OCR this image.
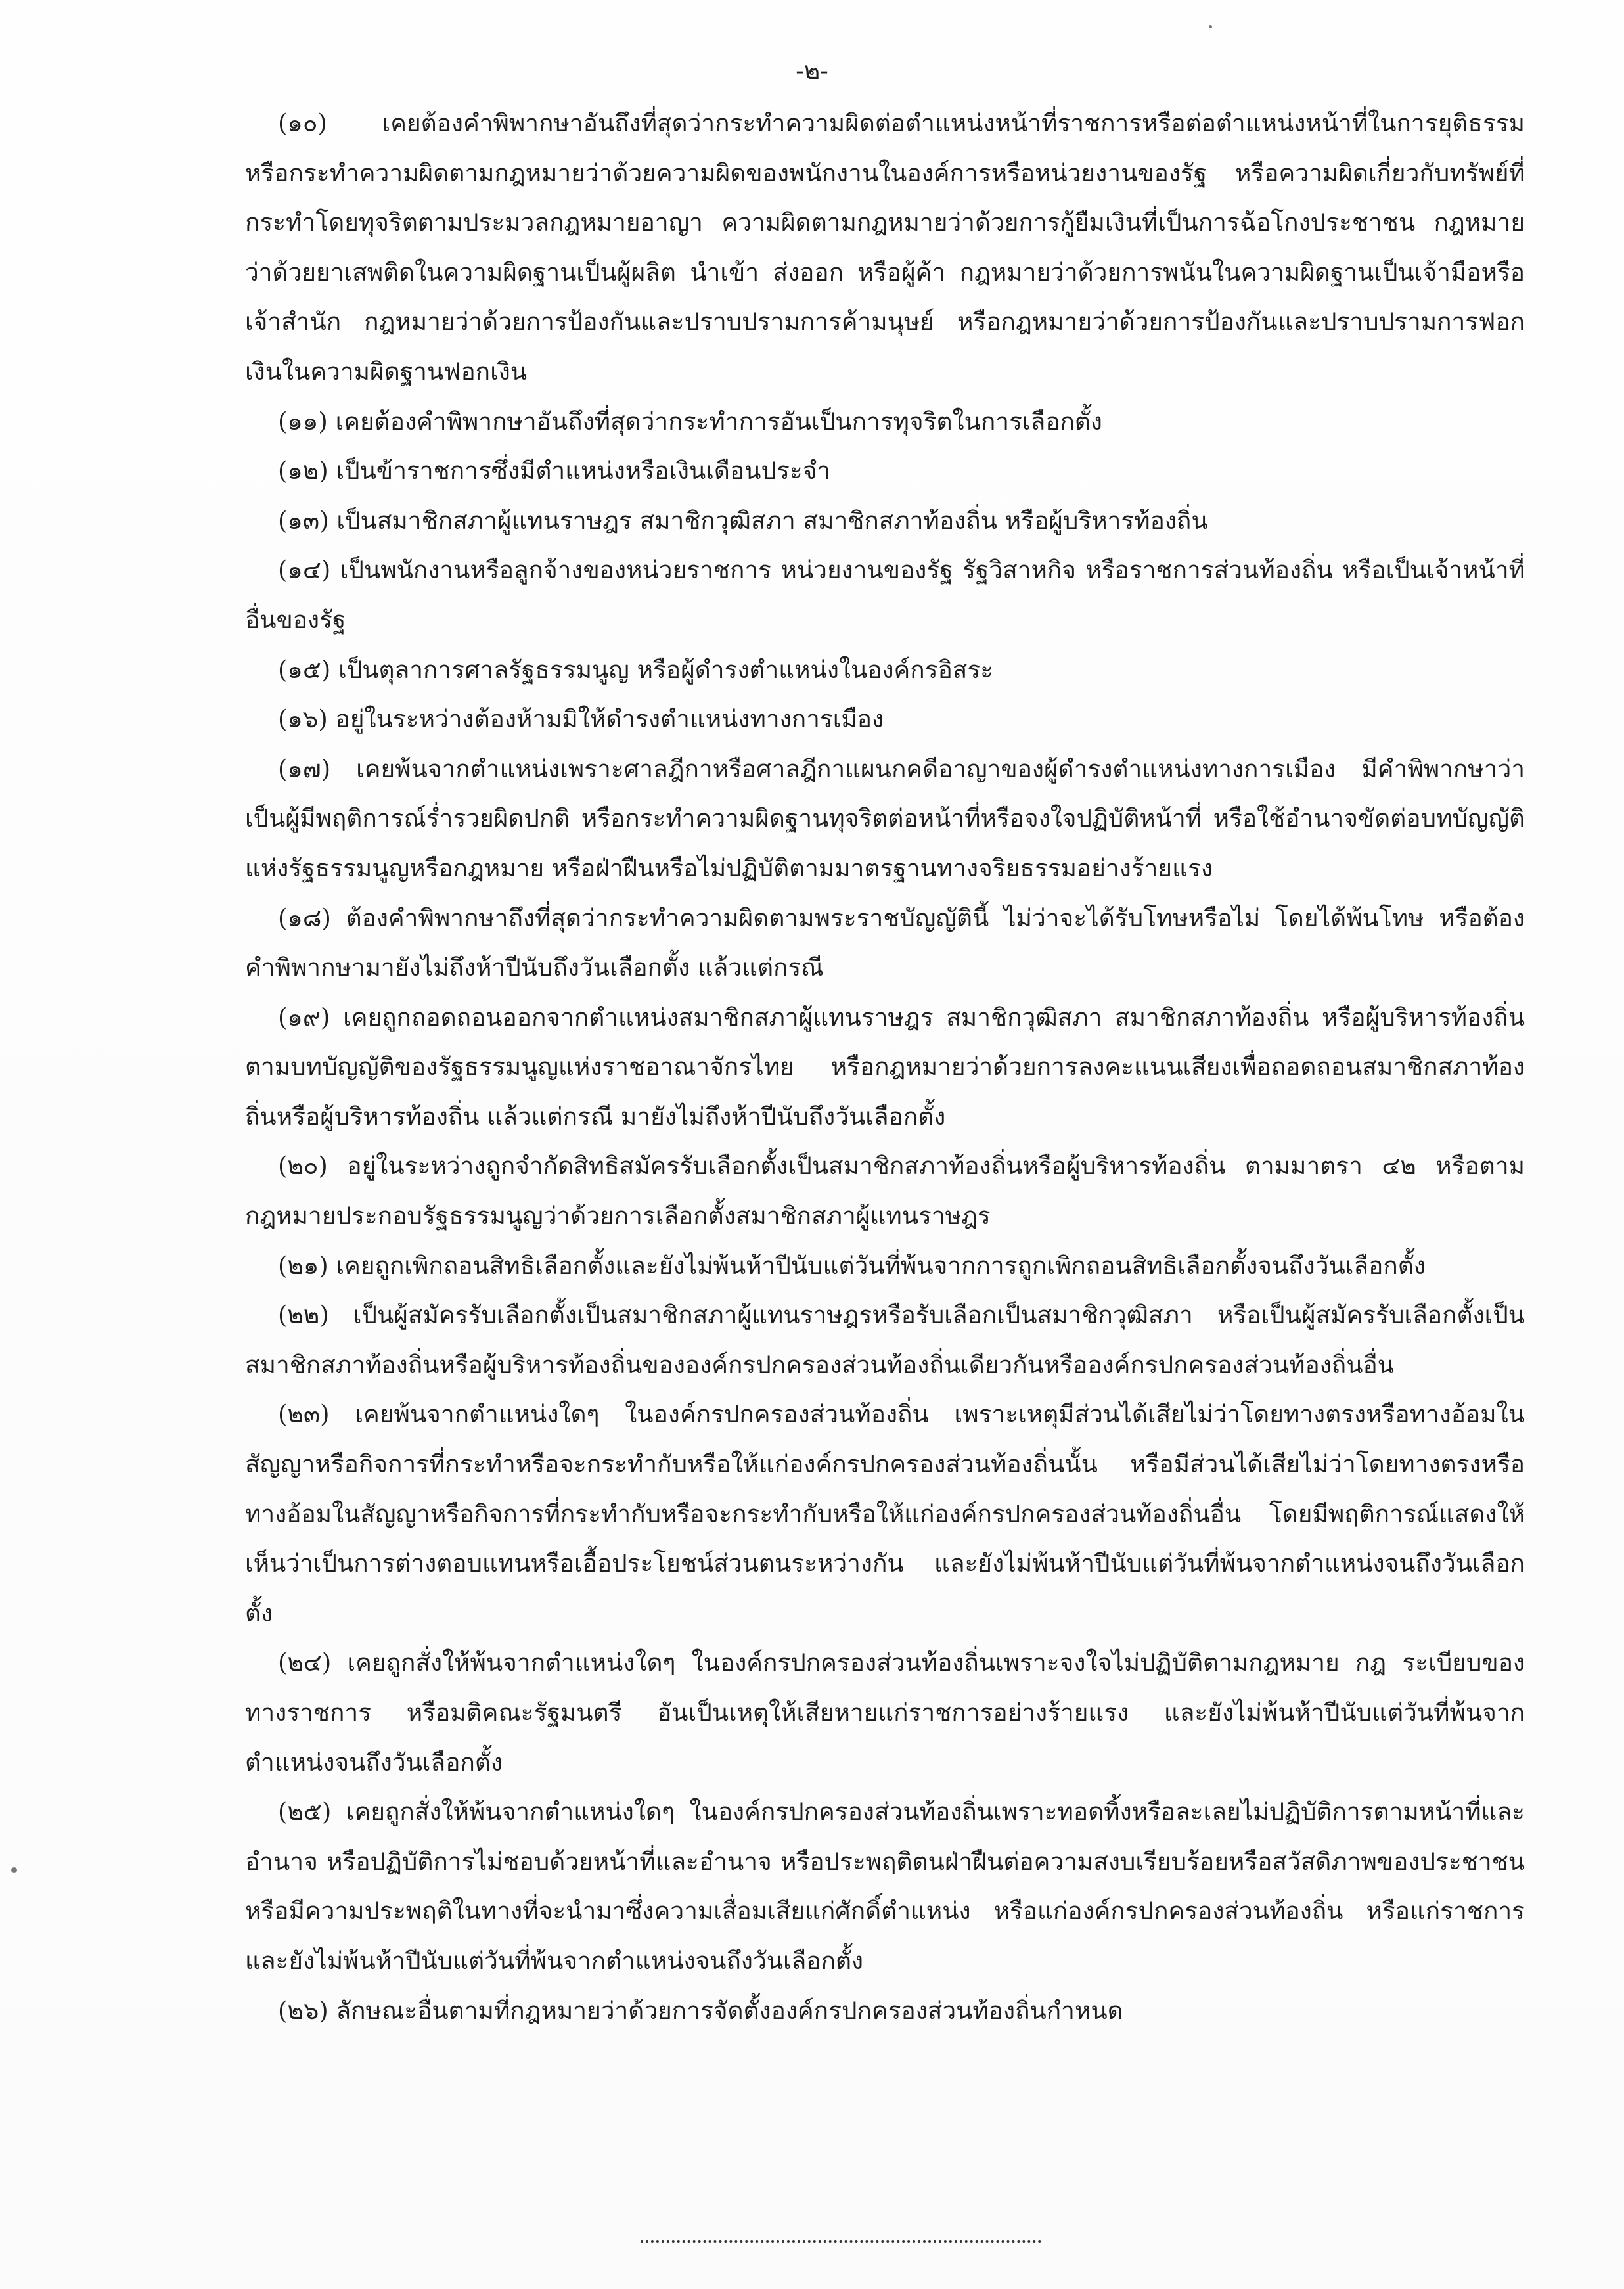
-๒-

(๑๐) เคยต้องคำพิพากษาอันถึงที่สุดว่ากระทำความผิดต่อตำแหน่งหน้าที่ราชการหรือต่อตำแหน่งหน้าที่ในการยุติธรรม หรือกระทำความผิดตามกฎหมายว่าด้วยความผิดของพนักงานในองค์การหรือหน่วยงานของรัฐ หรือความผิดเกี่ยวกับทรัพย์ที่กระทำโดยทุจริตตามประมวลกฎหมายอาญา ความผิดตามกฎหมายว่าด้วยการกู้ยืมเงินที่เป็นการฉ้อโกงประชาชน กฎหมายว่าด้วยยาเสพติดในความผิดฐานเป็นผู้ผลิต นำเข้า ส่งออก หรือผู้ค้า กฎหมายว่าด้วยการพนันในความผิดฐานเป็นเจ้ามือหรือเจ้าสำนัก กฎหมายว่าด้วยการป้องกันและปราบปรามการค้ามนุษย์ หรือกฎหมายว่าด้วยการป้องกันและปราบปรามการฟอกเงินในความผิดฐานฟอกเงิน

(๑๑) เคยต้องคำพิพากษาอันถึงที่สุดว่ากระทำการอันเป็นการทุจริตในการเลือกตั้ง

(๑๒) เป็นข้าราชการซึ่งมีตำแหน่งหรือเงินเดือนประจำ

(๑๓) เป็นสมาชิกสภาผู้แทนราษฎร สมาชิกวุฒิสภา สมาชิกสภาท้องถิ่น หรือผู้บริหารท้องถิ่น

(๑๔) เป็นพนักงานหรือลูกจ้างของหน่วยราชการ หน่วยงานของรัฐ รัฐวิสาหกิจ หรือราชการส่วนท้องถิ่น หรือเป็นเจ้าหน้าที่อื่นของรัฐ

(๑๕) เป็นตุลาการศาลรัฐธรรมนูญ หรือผู้ดำรงตำแหน่งในองค์กรอิสระ

(๑๖) อยู่ในระหว่างต้องห้ามมิให้ดำรงตำแหน่งทางการเมือง

(๑๗) เคยพ้นจากตำแหน่งเพราะศาลฎีกาหรือศาลฎีกาแผนกคดีอาญาของผู้ดำรงตำแหน่งทางการเมือง มีคำพิพากษาว่าเป็นผู้มีพฤติการณ์ร่ำรวยผิดปกติ หรือกระทำความผิดฐานทุจริตต่อหน้าที่หรือจงใจปฏิบัติหน้าที่ หรือใช้อำนาจขัดต่อบทบัญญัติแห่งรัฐธรรมนูญหรือกฎหมาย หรือฝ่าฝืนหรือไม่ปฏิบัติตามมาตรฐานทางจริยธรรมอย่างร้ายแรง

(๑๘) ต้องคำพิพากษาถึงที่สุดว่ากระทำความผิดตามพระราชบัญญัตินี้ ไม่ว่าจะได้รับโทษหรือไม่ โดยได้พ้นโทษ หรือต้องคำพิพากษามายังไม่ถึงห้าปีนับถึงวันเลือกตั้ง แล้วแต่กรณี

(๑๙) เคยถูกถอดถอนออกจากตำแหน่งสมาชิกสภาผู้แทนราษฎร สมาชิกวุฒิสภา สมาชิกสภาท้องถิ่น หรือผู้บริหารท้องถิ่น ตามบทบัญญัติของรัฐธรรมนูญแห่งราชอาณาจักรไทย หรือกฎหมายว่าด้วยการลงคะแนนเสียงเพื่อถอดถอนสมาชิกสภาท้องถิ่นหรือผู้บริหารท้องถิ่น แล้วแต่กรณี มายังไม่ถึงห้าปีนับถึงวันเลือกตั้ง

(๒๐) อยู่ในระหว่างถูกจำกัดสิทธิสมัครรับเลือกตั้งเป็นสมาชิกสภาท้องถิ่นหรือผู้บริหารท้องถิ่น ตามมาตรา ๔๒ หรือตามกฎหมายประกอบรัฐธรรมนูญว่าด้วยการเลือกตั้งสมาชิกสภาผู้แทนราษฎร

(๒๑) เคยถูกเพิกถอนสิทธิเลือกตั้งและยังไม่พ้นห้าปีนับแต่วันที่พ้นจากการถูกเพิกถอนสิทธิเลือกตั้งจนถึงวันเลือกตั้ง

(๒๒) เป็นผู้สมัครรับเลือกตั้งเป็นสมาชิกสภาผู้แทนราษฎรหรือรับเลือกเป็นสมาชิกวุฒิสภา หรือเป็นผู้สมัครรับเลือกตั้งเป็นสมาชิกสภาท้องถิ่นหรือผู้บริหารท้องถิ่นขององค์กรปกครองส่วนท้องถิ่นเดียวกันหรือองค์กรปกครองส่วนท้องถิ่นอื่น

(๒๓) เคยพ้นจากตำแหน่งใดๆ ในองค์กรปกครองส่วนท้องถิ่น เพราะเหตุมีส่วนได้เสียไม่ว่าโดยทางตรงหรือทางอ้อมในสัญญาหรือกิจการที่กระทำหรือจะกระทำกับหรือให้แก่องค์กรปกครองส่วนท้องถิ่นนั้น หรือมีส่วนได้เสียไม่ว่าโดยทางตรงหรือทางอ้อมในสัญญาหรือกิจการที่กระทำกับหรือจะกระทำกับหรือให้แก่องค์กรปกครองส่วนท้องถิ่นอื่น โดยมีพฤติการณ์แสดงให้เห็นว่าเป็นการต่างตอบแทนหรือเอื้อประโยชน์ส่วนตนระหว่างกัน และยังไม่พ้นห้าปีนับแต่วันที่พ้นจากตำแหน่งจนถึงวันเลือกตั้ง

(๒๔) เคยถูกสั่งให้พ้นจากตำแหน่งใดๆ ในองค์กรปกครองส่วนท้องถิ่นเพราะจงใจไม่ปฏิบัติตามกฎหมาย กฎ ระเบียบของทางราชการ หรือมติคณะรัฐมนตรี อันเป็นเหตุให้เสียหายแก่ราชการอย่างร้ายแรง และยังไม่พ้นห้าปีนับแต่วันที่พ้นจากตำแหน่งจนถึงวันเลือกตั้ง

(๒๕) เคยถูกสั่งให้พ้นจากตำแหน่งใดๆ ในองค์กรปกครองส่วนท้องถิ่นเพราะทอดทิ้งหรือละเลยไม่ปฏิบัติการตามหน้าที่และอำนาจ หรือปฏิบัติการไม่ชอบด้วยหน้าที่และอำนาจ หรือประพฤติตนฝ่าฝืนต่อความสงบเรียบร้อยหรือสวัสดิภาพของประชาชน หรือมีความประพฤติในทางที่จะนำมาซึ่งความเสื่อมเสียแก่ศักดิ์ตำแหน่ง หรือแก่องค์กรปกครองส่วนท้องถิ่น หรือแก่ราชการ และยังไม่พ้นห้าปีนับแต่วันที่พ้นจากตำแหน่งจนถึงวันเลือกตั้ง

(๒๖) ลักษณะอื่นตามที่กฎหมายว่าด้วยการจัดตั้งองค์กรปกครองส่วนท้องถิ่นกำหนด
